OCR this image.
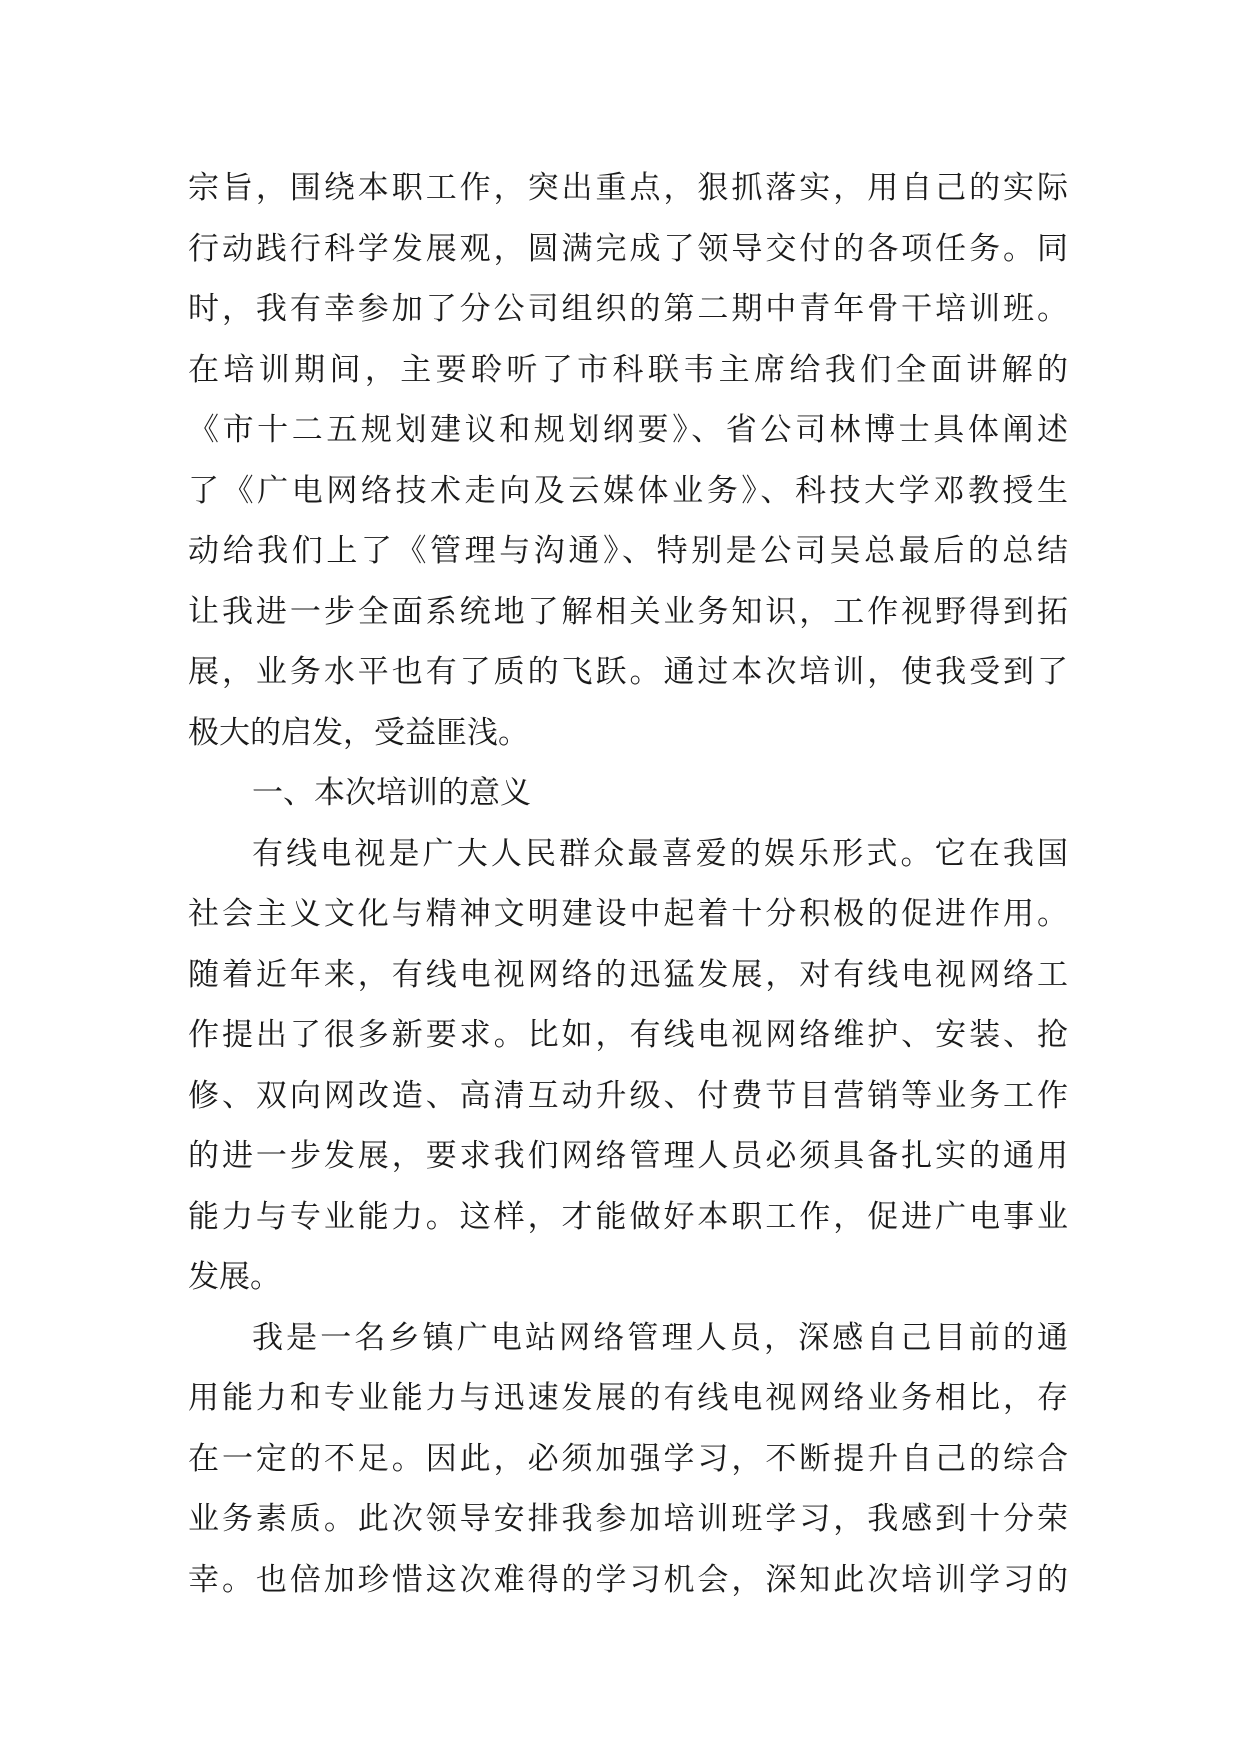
宗旨，围绕本职工作，突出重点，狠抓落实，用自己的实际
行动践行科学发展观，圆满完成了领导交付的各项任务。同
时，我有幸参加了分公司组织的第二期中青年骨干培训班。
在培训期间，主要聆听了市科联韦主席给我们全面讲解的
《市十二五规划建议和规划纲要》、省公司林博士具体阐述
了《广电网络技术走向及云媒体业务》、科技大学邓教授生
动给我们上了《管理与沟通》、特别是公司吴总最后的总结
让我进一步全面系统地了解相关业务知识，工作视野得到拓
展，业务水平也有了质的飞跃。通过本次培训，使我受到了
极大的启发，受益匪浅。
一、本次培训的意义
有线电视是广大人民群众最喜爱的娱乐形式。它在我国
社会主义文化与精神文明建设中起着十分积极的促进作用。
随着近年来，有线电视网络的迅猛发展，对有线电视网络工
作提出了很多新要求。比如，有线电视网络维护、安装、抢
修、双向网改造、高清互动升级、付费节目营销等业务工作
的进一步发展，要求我们网络管理人员必须具备扎实的通用
能力与专业能力。这样，才能做好本职工作，促进广电事业
发展。
我是一名乡镇广电站网络管理人员，深感自己目前的通
用能力和专业能力与迅速发展的有线电视网络业务相比，存
在一定的不足。因此，必须加强学习，不断提升自己的综合
业务素质。此次领导安排我参加培训班学习，我感到十分荣
幸。也倍加珍惜这次难得的学习机会，深知此次培训学习的
